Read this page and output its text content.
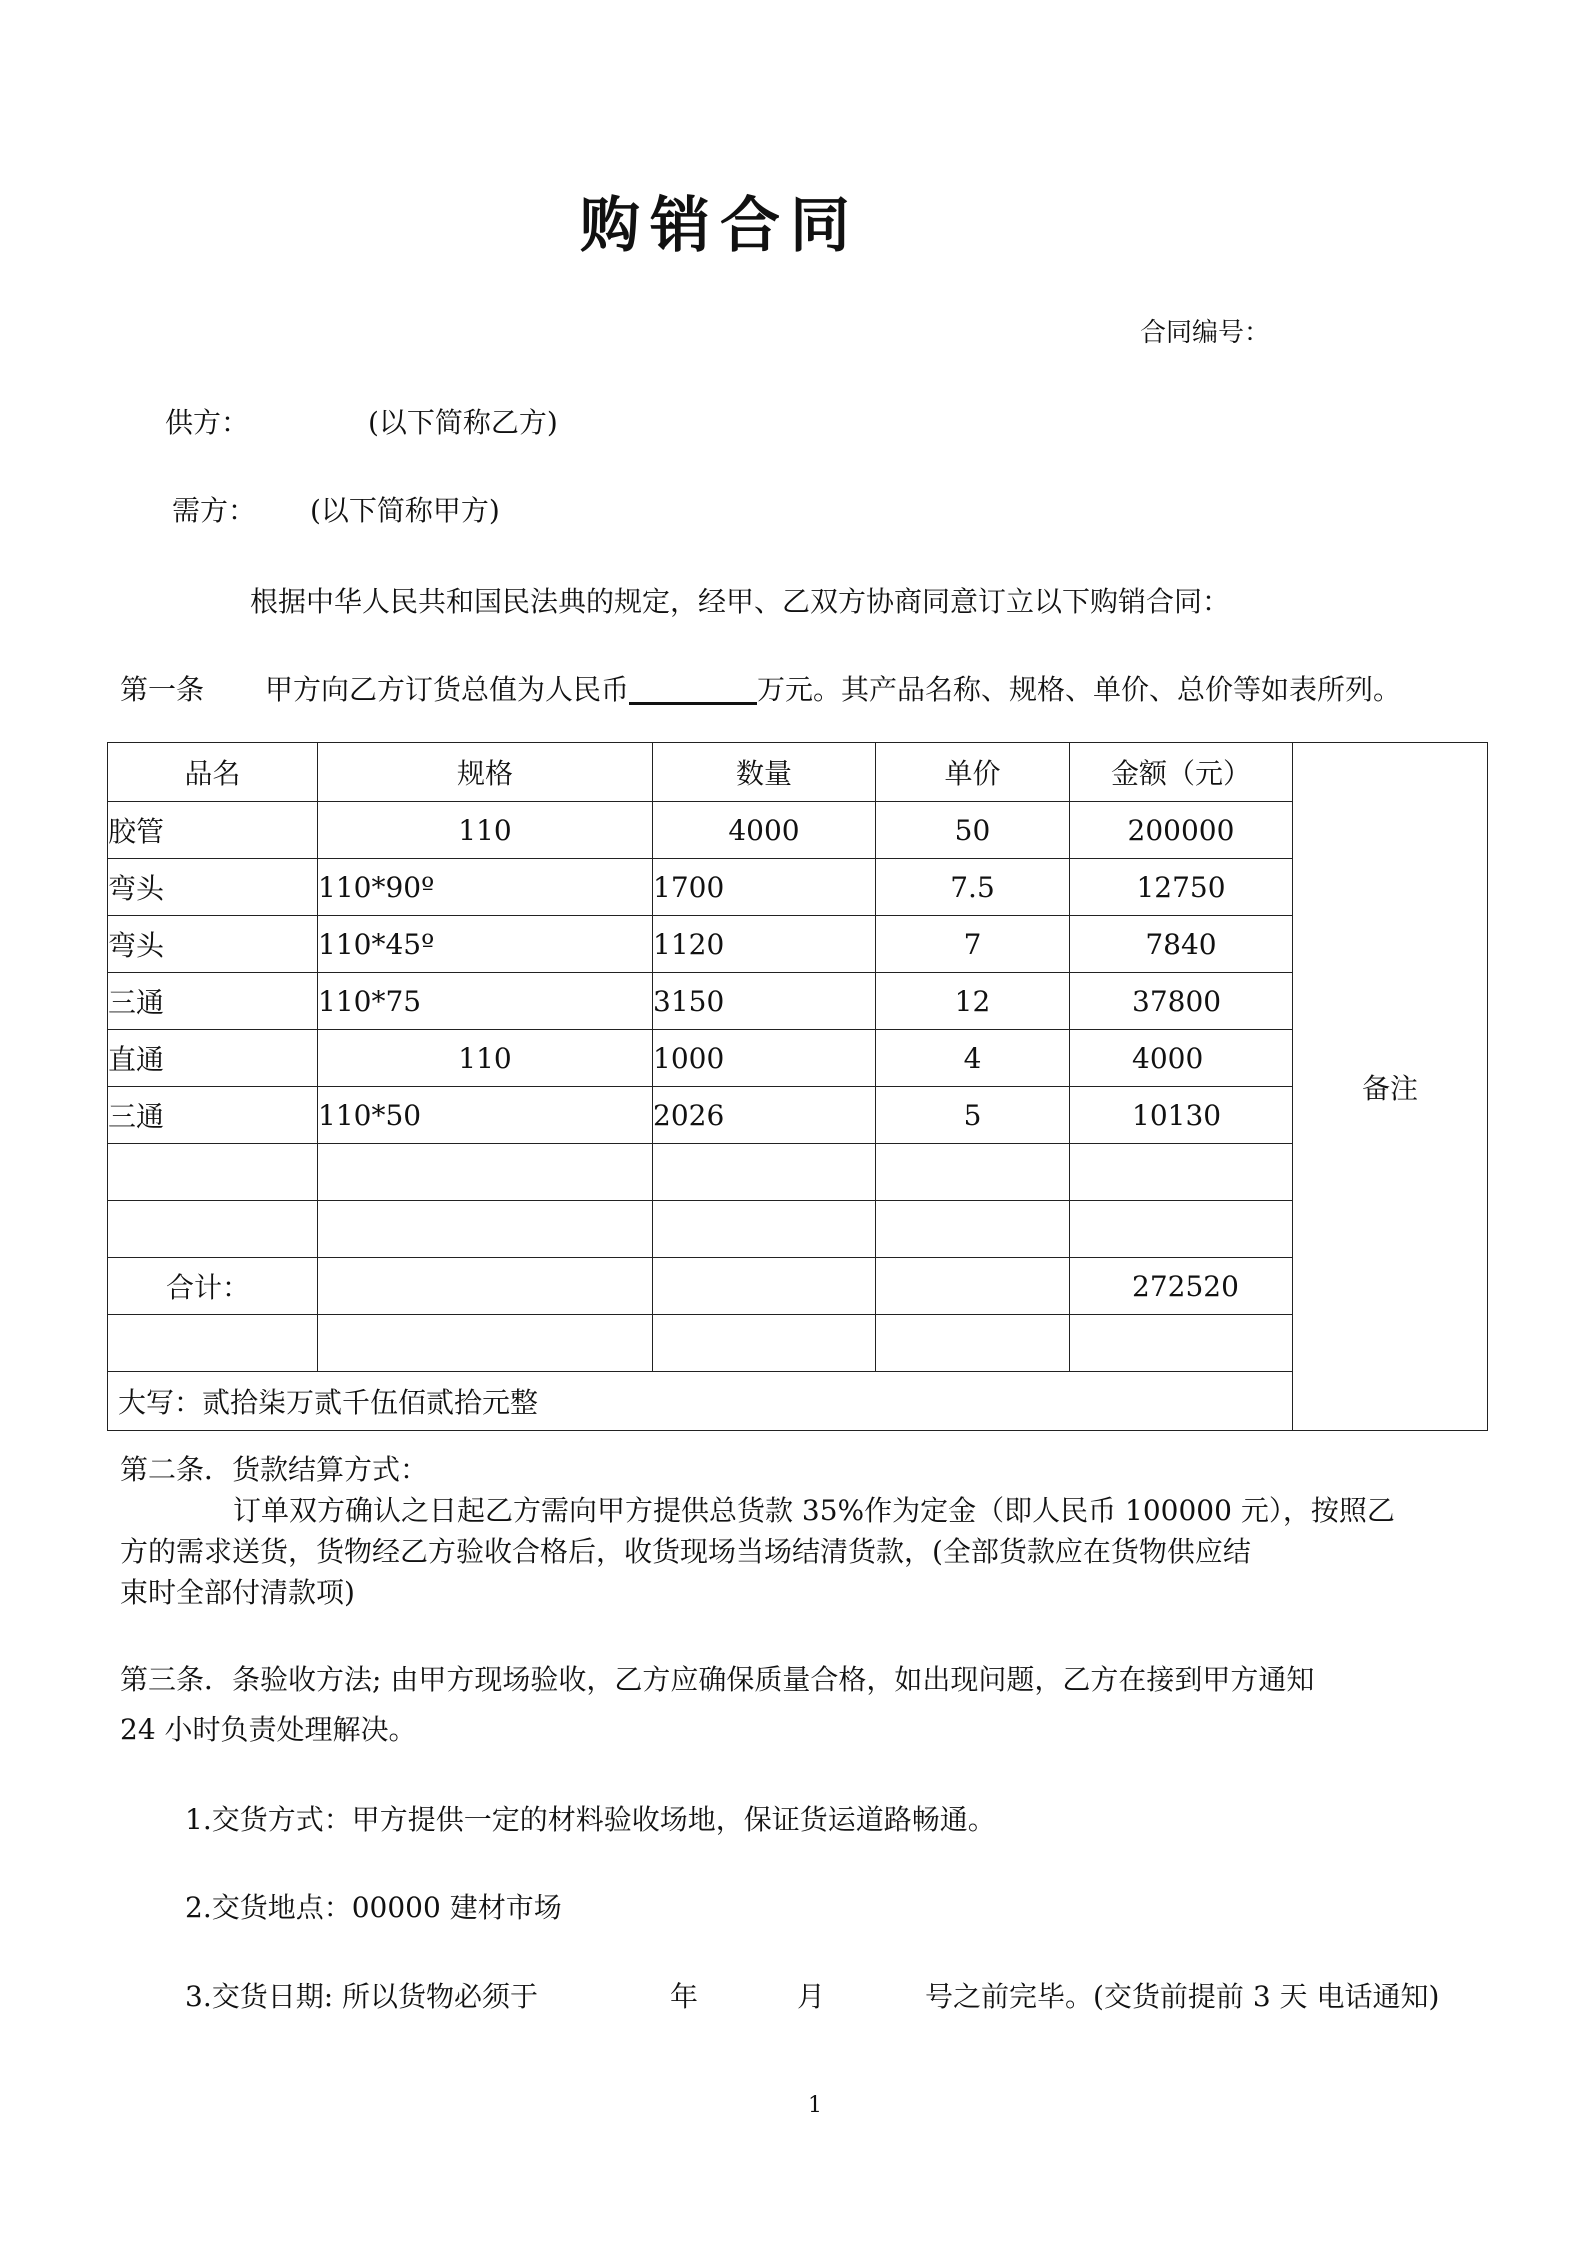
购销合同
合同编号：
供方：	(以下简称乙方)
需方： (以下简称甲方)
根据中华人民共和国民法典的规定，经甲、乙双方协商同意订立以下购销合同：
第一条 甲方向乙方订货总值为人民币	万元。其产品名称、规格、单价、总价等如表所列。
品名	规格	数量	单价	金额（元）	备注
胶管	110	4000	50	200000	
弯头	110*90º	1700	7.5	12750	
弯头	110*45º	1120	7	7840	
三通	110*75	3150	12	37800	
直通	110	1000	4	4000	
三通	110*50	2026	5	10130	

合计：				272520	

大写：贰拾柒万贰千伍佰贰拾元整					
第二条．货款结算方式：
订单双方确认之日起乙方需向甲方提供总货款 35%作为定金（即人民币 100000 元），按照乙
方的需求送货，货物经乙方验收合格后，收货现场当场结清货款，(全部货款应在货物供应结
束时全部付清款项)
第三条．条验收方法; 由甲方现场验收，乙方应确保质量合格，如出现问题，乙方在接到甲方通知
24 小时负责处理解决。
1.交货方式：甲方提供一定的材料验收场地，保证货运道路畅通。
2.交货地点：00000 建材市场
3.交货日期: 所以货物必须于	年	月	号之前完毕。(交货前提前 3 天 电话通知)
1
